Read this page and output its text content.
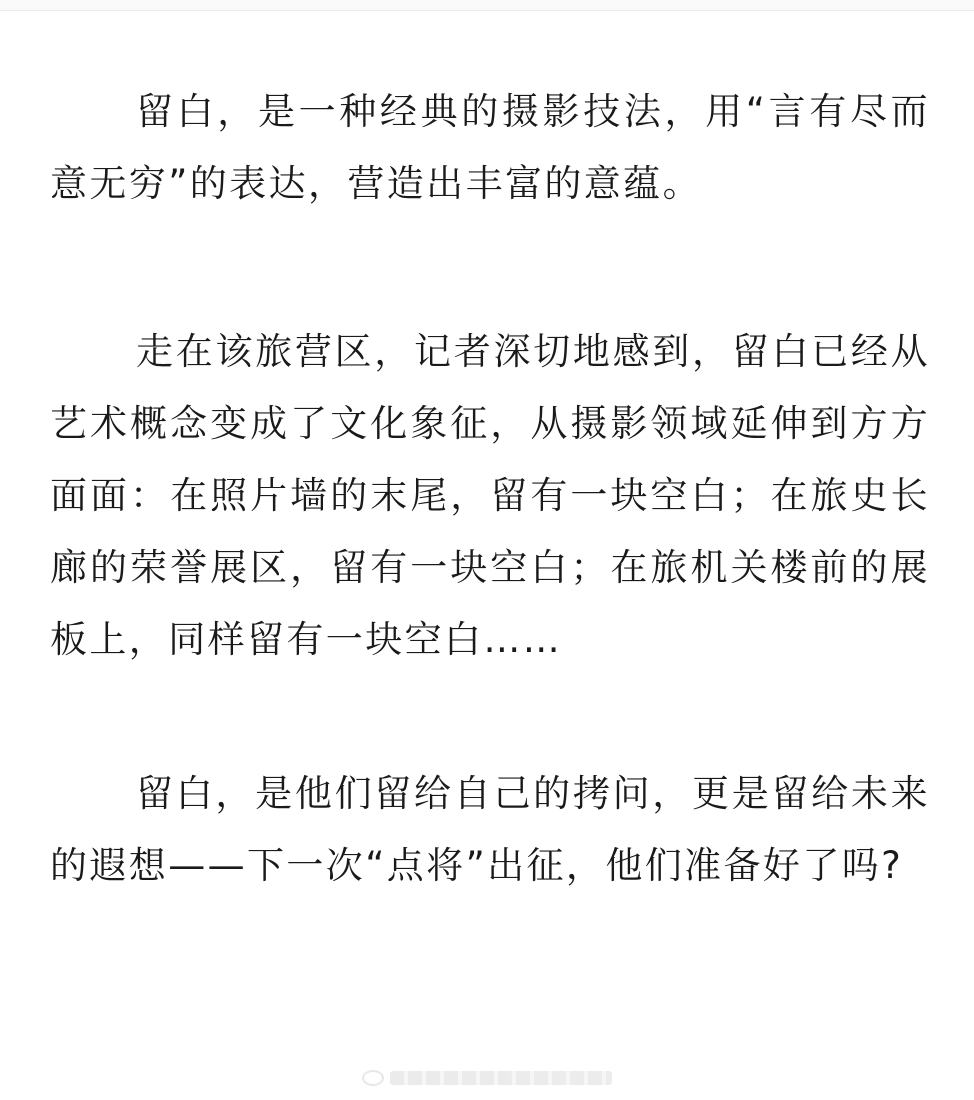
留白，是一种经典的摄影技法，用“言有尽而意无穷”的表达，营造出丰富的意蕴。

走在该旅营区，记者深切地感到，留白已经从艺术概念变成了文化象征，从摄影领域延伸到方方面面：在照片墙的末尾，留有一块空白；在旅史长廊的荣誉展区，留有一块空白；在旅机关楼前的展板上，同样留有一块空白……

留白，是他们留给自己的拷问，更是留给未来的遐想——下一次“点将”出征，他们准备好了吗?
